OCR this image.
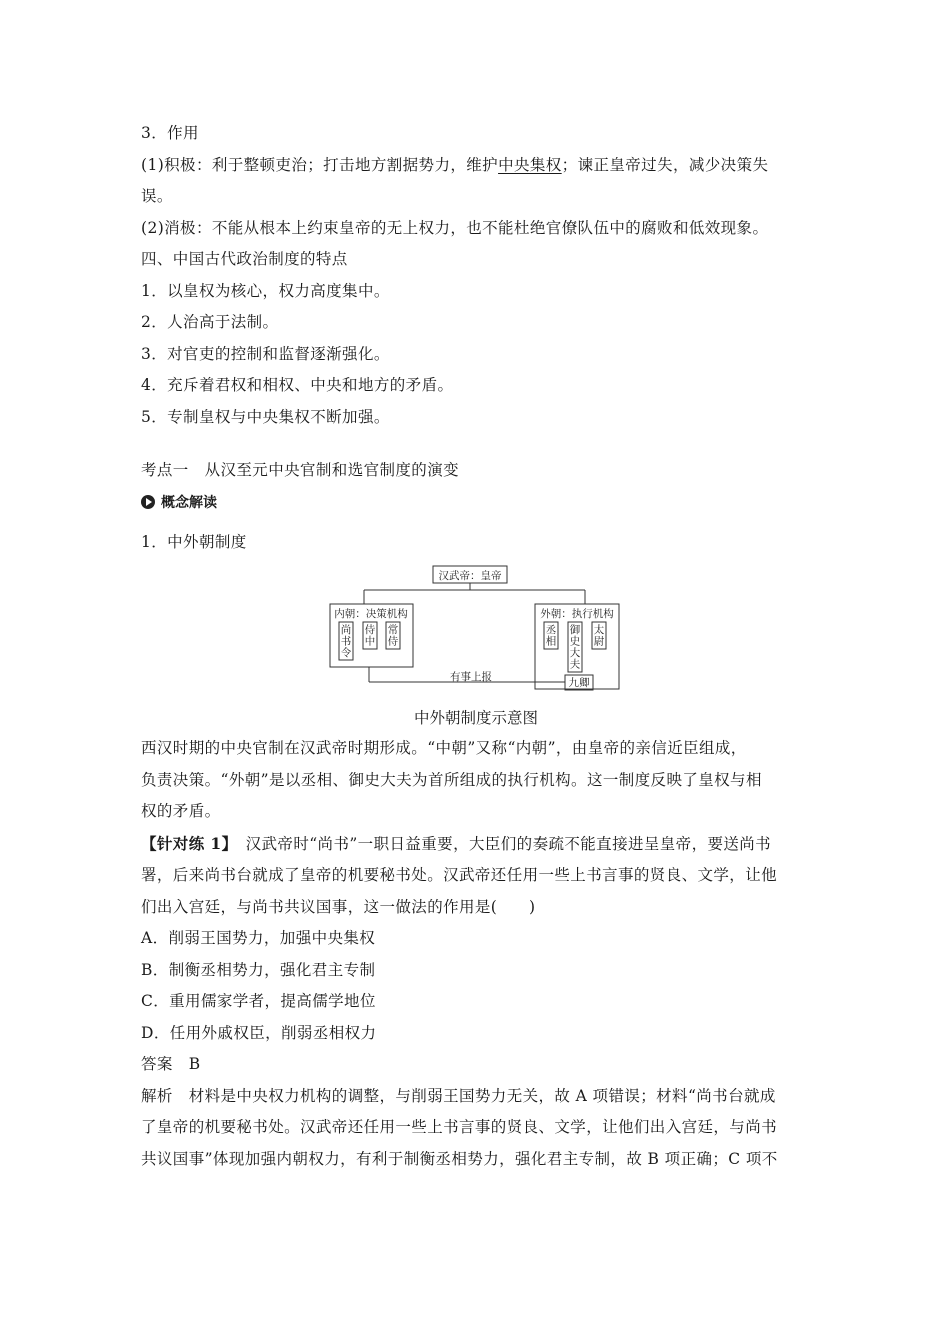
3．作用
(1)积极：利于整顿吏治；打击地方割据势力，维护中央集权；谏正皇帝过失，减少决策失
误。
(2)消极：不能从根本上约束皇帝的无上权力，也不能杜绝官僚队伍中的腐败和低效现象。
四、中国古代政治制度的特点
1．以皇权为核心，权力高度集中。
2．人治高于法制。
3．对官吏的控制和监督逐渐强化。
4．充斥着君权和相权、中央和地方的矛盾。
5．专制皇权与中央集权不断加强。
考点一　从汉至元中央官制和选官制度的演变
概念解读
1．中外朝制度
汉武帝：皇帝
内朝：决策机构	外朝：执行机构
有事上报	九卿
尚书令
侍中
常侍
丞相
御史大夫
太尉
中外朝制度示意图
西汉时期的中央官制在汉武帝时期形成。“中朝”又称“内朝”，由皇帝的亲信近臣组成，
负责决策。“外朝”是以丞相、御史大夫为首所组成的执行机构。这一制度反映了皇权与相
权的矛盾。
【针对练 1】　汉武帝时“尚书”一职日益重要，大臣们的奏疏不能直接进呈皇帝，要送尚书
署，后来尚书台就成了皇帝的机要秘书处。汉武帝还任用一些上书言事的贤良、文学，让他
们出入宫廷，与尚书共议国事，这一做法的作用是(　　)
A．削弱王国势力，加强中央集权
B．制衡丞相势力，强化君主专制
C．重用儒家学者，提高儒学地位
D．任用外戚权臣，削弱丞相权力
答案　B
解析　材料是中央权力机构的调整，与削弱王国势力无关，故 A 项错误；材料“尚书台就成
了皇帝的机要秘书处。汉武帝还任用一些上书言事的贤良、文学，让他们出入宫廷，与尚书
共议国事”体现加强内朝权力，有利于制衡丞相势力，强化君主专制，故 B 项正确；C 项不
